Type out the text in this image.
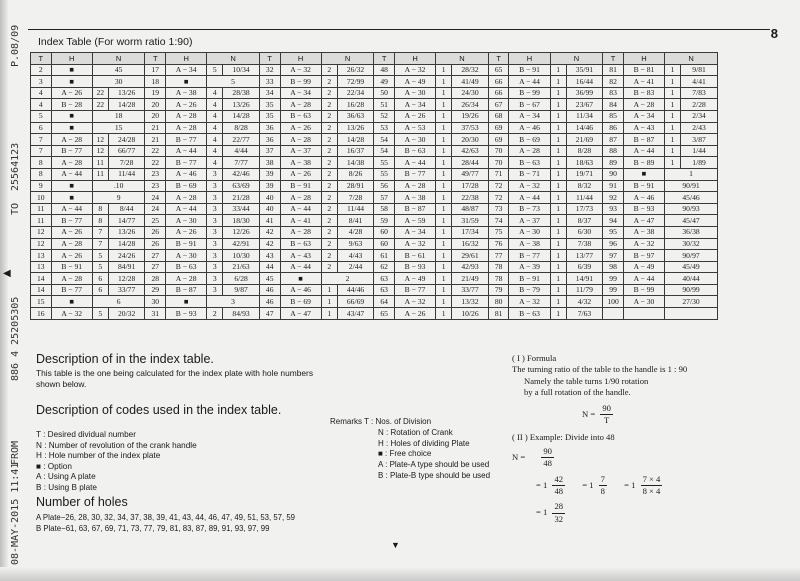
08-MAY-2015 11:41
FROM
886 4 25205305
TO
25564123
P.08/09
◀
8
Index Table (For worm ratio 1:90)
T	H	N		T	H	N		T	H	N		T	H	N		T	H	N		T	H	N	
2	■	45		17	A − 34	5	10/34	32	A − 32	2	26/32	48	A − 32	1	28/32	65	B − 91	1	35/91	81	B − 81	1	9/81
3	■	30		18	■	5		33	B − 99	2	72/99	49	A − 49	1	41/49	66	A − 44	1	16/44	82	A − 41	1	4/41
4	A − 26	22	13/26	19	A − 38	4	28/38	34	A − 34	2	22/34	50	A − 30	1	24/30	66	B − 99	1	36/99	83	B − 83	1	7/83
4	B − 28	22	14/28	20	A − 26	4	13/26	35	A − 28	2	16/28	51	A − 34	1	26/34	67	B − 67	1	23/67	84	A − 28	1	2/28
5	■	18		20	A − 28	4	14/28	35	B − 63	2	36/63	52	A − 26	1	19/26	68	A − 34	1	11/34	85	A − 34	1	2/34
6	■	15		21	A − 28	4	8/28	36	A − 26	2	13/26	53	A − 53	1	37/53	69	A − 46	1	14/46	86	A − 43	1	2/43
7	A − 28	12	24/28	21	B − 77	4	22/77	36	A − 28	2	14/28	54	A − 30	1	20/30	69	B − 69	1	21/69	87	B − 87	1	3/87
7	B − 77	12	66/77	22	A − 44	4	4/44	37	A − 37	2	16/37	54	B − 63	1	42/63	70	A − 28	1	8/28	88	A − 44	1	1/44
8	A − 28	11	7/28	22	B − 77	4	7/77	38	A − 38	2	14/38	55	A − 44	1	28/44	70	B − 63	1	18/63	89	B − 89	1	1/89
8	A − 44	11	11/44	23	A − 46	3	42/46	39	A − 26	2	8/26	55	B − 77	1	49/77	71	B − 71	1	19/71	90	■	1	
9	■	.10		23	B − 69	3	63/69	39	B − 91	2	28/91	56	A − 28	1	17/28	72	A − 32	1	8/32	91	B − 91	90/91	
10	■	9		24	A − 28	3	21/28	40	A − 28	2	7/28	57	A − 38	1	22/38	72	A − 44	1	11/44	92	A − 46	45/46	
11	A − 44	8	8/44	24	A − 44	3	33/44	40	A − 44	2	11/44	58	B − 87	1	48/87	73	B − 73	1	17/73	93	B − 93	90/93	
11	B − 77	8	14/77	25	A − 30	3	18/30	41	A − 41	2	8/41	59	A − 59	1	31/59	74	A − 37	1	8/37	94	A − 47	45/47	
12	A − 26	7	13/26	26	A − 26	3	12/26	42	A − 28	2	4/28	60	A − 34	1	17/34	75	A − 30	1	6/30	95	A − 38	36/38	
12	A − 28	7	14/28	26	B − 91	3	42/91	42	B − 63	2	9/63	60	A − 32	1	16/32	76	A − 38	1	7/38	96	A − 32	30/32	
13	A − 26	5	24/26	27	A − 30	3	10/30	43	A − 43	2	4/43	61	B − 61	1	29/61	77	B − 77	1	13/77	97	B − 97	90/97	
13	B − 91	5	84/91	27	B − 63	3	21/63	44	A − 44	2	2/44	62	B − 93	1	42/93	78	A − 39	1	6/39	98	A − 49	45/49	
14	A − 28	6	12/28	28	A − 28	3	6/28	45	■	2		63	A − 49	1	21/49	78	B − 91	1	14/91	99	A − 44	40/44	
14	B − 77	6	33/77	29	B − 87	3	9/87	46	A − 46	1	44/46	63	B − 77	1	33/77	79	B − 79	1	11/79	99	B − 99	90/99	
15	■	6		30	■	3		46	B − 69	1	66/69	64	A − 32	1	13/32	80	A − 32	1	4/32	100	A − 30	27/30	
16	A − 32	5	20/32	31	B − 93	2	84/93	47	A − 47	1	43/47	65	A − 26	1	10/26	81	B − 63	1	7/63				
Description of in the index table.
This table is the one being calculated for the index plate with hole numbers
shown below.
Description of codes used in the index table.
T : Desired dividual number
N : Number of revolution of the crank handle
H : Hole number of the index plate
■ : Option
A : Using A plate
B : Using B plate
Remarks T : Nos. of Division
N : Rotation of Crank
H : Holes of dividing Plate
■ : Free choice
A : Plate-A type should be used
B : Plate-B type should be used
Number of holes
A Plate−26, 28, 30, 32, 34, 37, 38, 39, 41, 43, 44, 46, 47, 49, 51, 53, 57, 59
B Plate−61, 63, 67, 69, 71, 73, 77, 79, 81, 83, 87, 89, 91, 93, 97, 99
( I ) Formula
The turning ratio of the table to the handle is 1 : 90
Namely the table turns 1/90 rotation
by a full rotation of the handle.
$N = \frac{90}{T}$
( II ) Example: Divide into 48
$N = \frac{90}{48}$
= $1 \frac{42}{48} = 1 \frac{7}{8} = 1 \frac{7 \times 4}{8 \times 4}$
= $1 \frac{28}{32}$
▼
